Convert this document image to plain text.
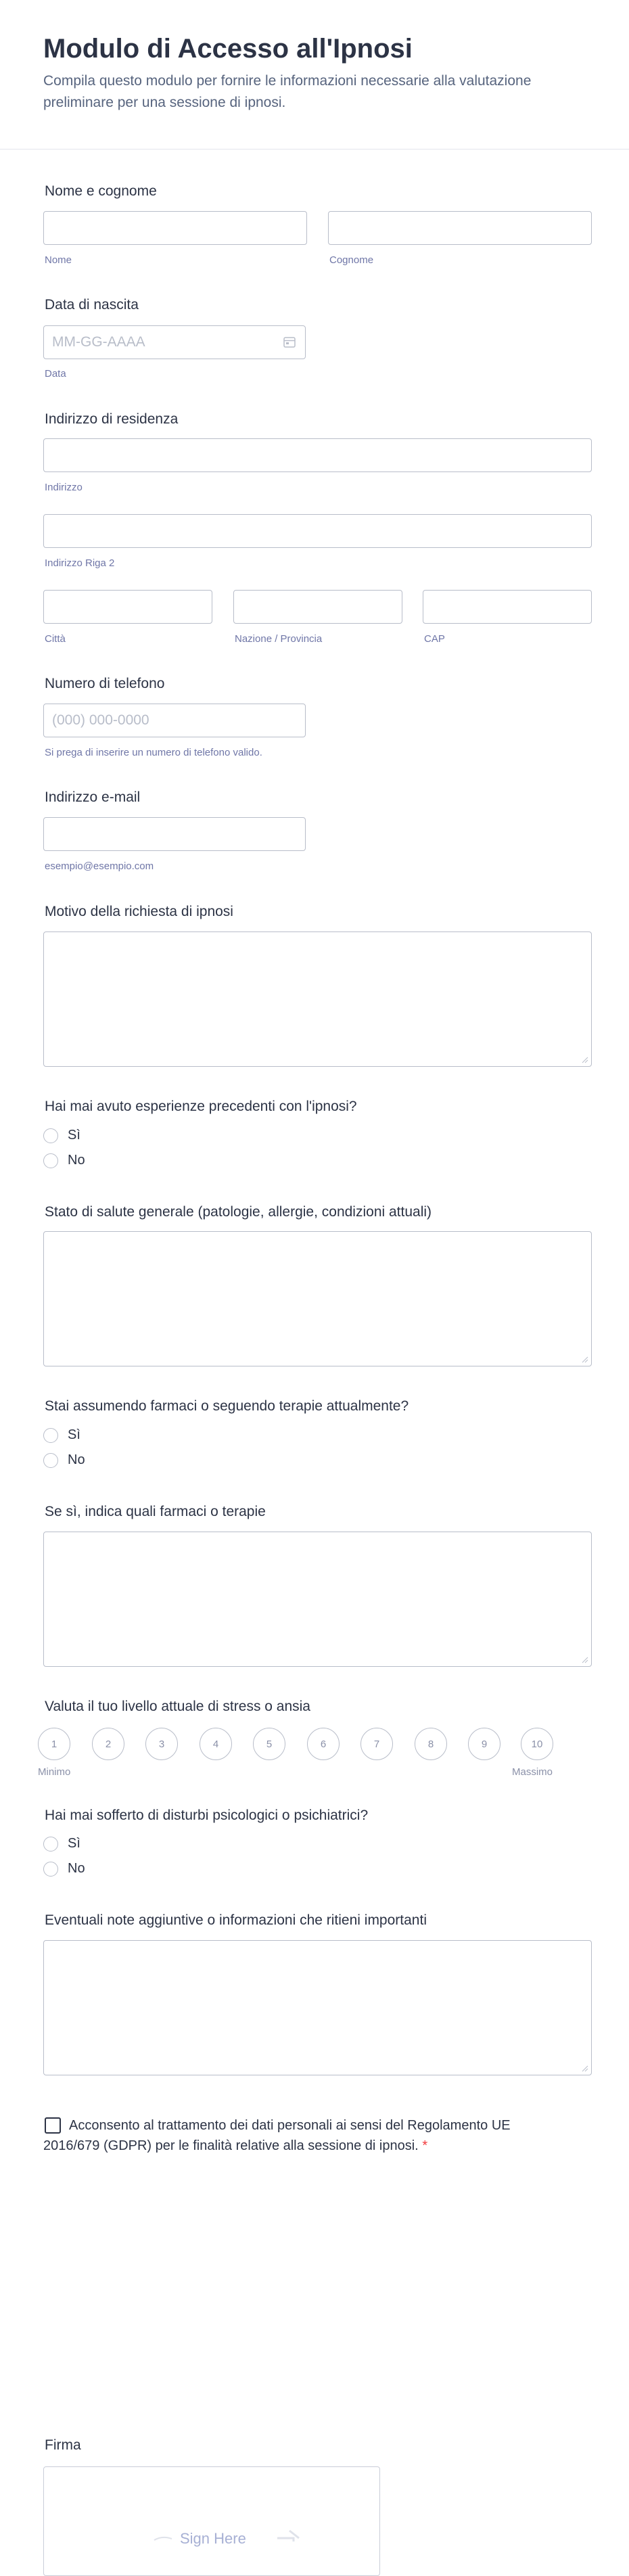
Modulo di Accesso all'Ipnosi

Compila questo modulo per fornire le informazioni necessarie alla valutazione preliminare per una sessione di ipnosi.

Nome e cognome
Nome	Cognome
Data di nascita
MM-GG-AAAA
Data
Indirizzo di residenza
Indirizzo
Indirizzo Riga 2
Città	Nazione / Provincia	CAP
Numero di telefono
(000) 000-0000
Si prega di inserire un numero di telefono valido.
Indirizzo e-mail
esempio@esempio.com
Motivo della richiesta di ipnosi
Hai mai avuto esperienze precedenti con l'ipnosi?
Sì
No
Stato di salute generale (patologie, allergie, condizioni attuali)
Stai assumendo farmaci o seguendo terapie attualmente?
Sì
No
Se sì, indica quali farmaci o terapie
Valuta il tuo livello attuale di stress o ansia
1	2	3	4	5	6	7	8	9	10
Minimo	Massimo
Hai mai sofferto di disturbi psicologici o psichiatrici?
Sì
No
Eventuali note aggiuntive o informazioni che ritieni importanti
Acconsento al trattamento dei dati personali ai sensi del Regolamento UE 2016/679 (GDPR) per le finalità relative alla sessione di ipnosi. *
Firma
Sign Here
